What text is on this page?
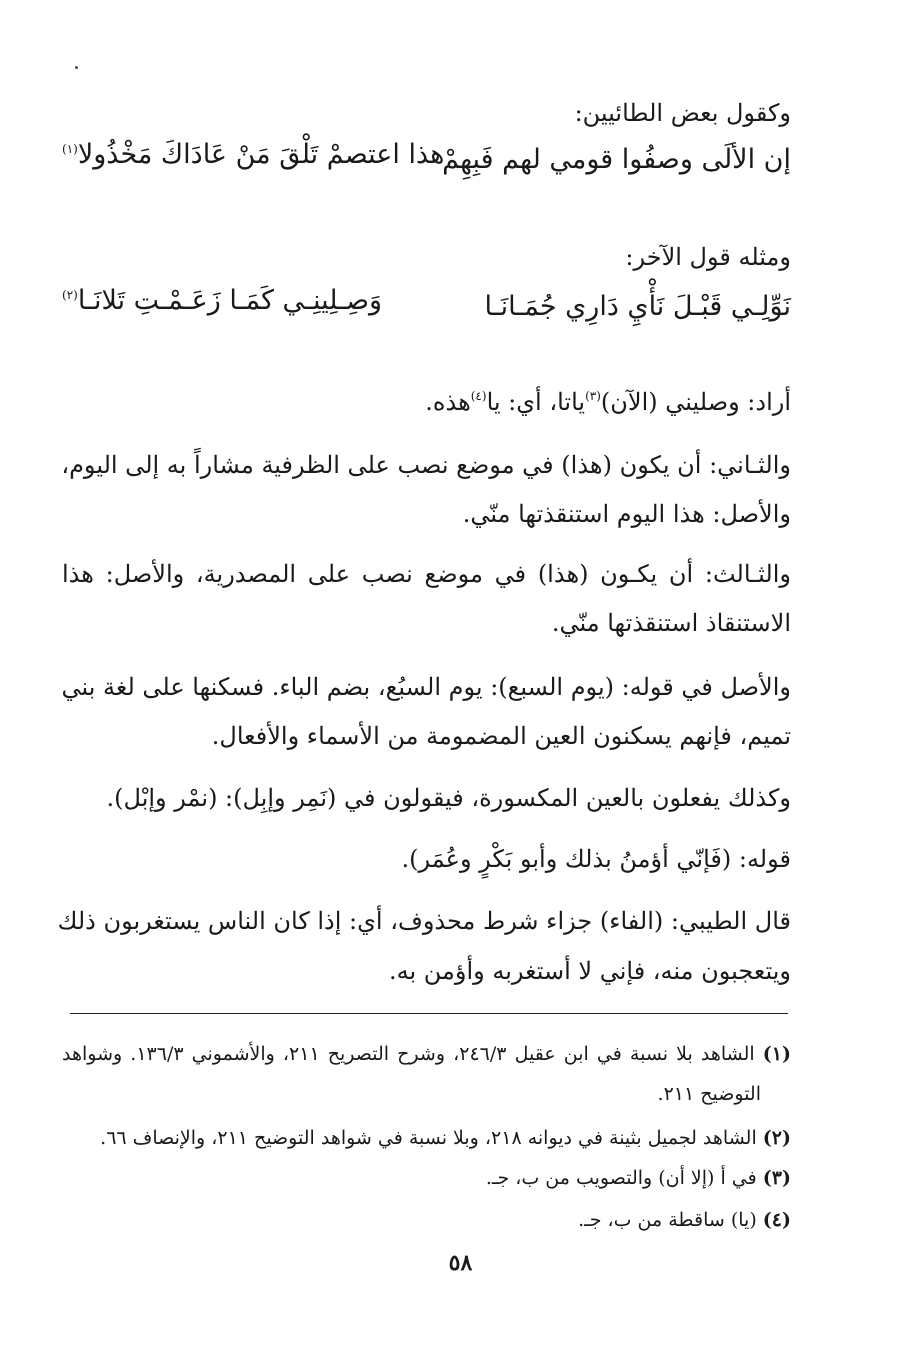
وكقول بعض الطائيين:
إن الألَى وصفُوا قومي لهم فَبِهِمْ
هذا اعتصمْ تَلْقَ مَنْ عَادَاكَ مَخْذُولا$^{(١)}$
ومثله قول الآخر:
نَوِّلِـي قَبْـلَ نَأْيِ دَارِي جُمَـانَـا
وَصِـلِينِـي كَمَـا زَعَـمْـتِ تَلانَـا$^{(٢)}$
أراد: وصليني (الآن)$^{(٣)}$ياتا، أي: يا$^{(٤)}$هذه.
والثـاني: أن يكون (هذا) في موضع نصب على الظرفية مشاراً به إلى اليوم،
والأصل: هذا اليوم استنقذتها منّي.
والثـالث: أن يكـون (هذا) في موضع نصب على المصدرية، والأصل: هذا
الاستنقاذ استنقذتها منّي.
والأصل في قوله: (يوم السبع): يوم السبُع، بضم الباء. فسكنها على لغة بني
تميم، فإنهم يسكنون العين المضمومة من الأسماء والأفعال.
وكذلك يفعلون بالعين المكسورة، فيقولون في (نَمِر وإبِل): (نمْر وإبْل).
قوله: (فَإنّي أؤمنُ بذلك وأبو بَكْرٍ وعُمَر).
قال الطيبي: (الفاء) جزاء شرط محذوف، أي: إذا كان الناس يستغربون ذلك
ويتعجبون منه، فإني لا أستغربه وأؤمن به.
(١) الشاهد بلا نسبة في ابن عقيل ٢٤٦/٣، وشرح التصريح ٢١١، والأشموني ١٣٦/٣. وشواهد
التوضيح ٢١١.
(٢) الشاهد لجميل بثينة في ديوانه ٢١٨، وبلا نسبة في شواهد التوضيح ٢١١، والإنصاف ٦٦.
(٣) في أ (إلا أن) والتصويب من ب، جـ.
(٤) (يا) ساقطة من ب، جـ.
٥٨
